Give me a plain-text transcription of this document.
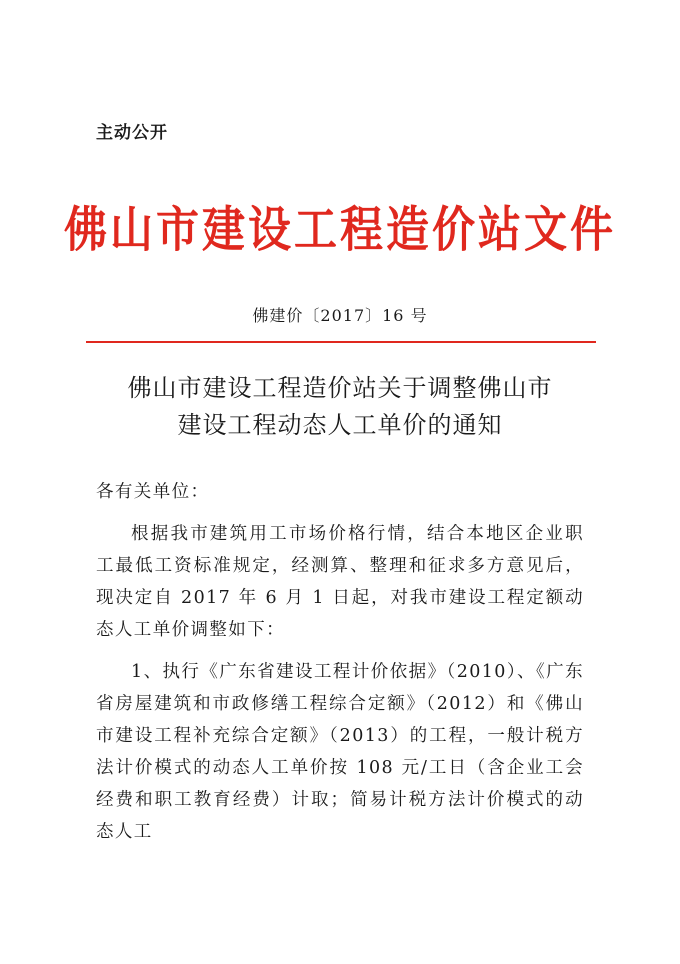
主动公开
佛山市建设工程造价站文件
佛建价〔2017〕16 号
佛山市建设工程造价站关于调整佛山市
建设工程动态人工单价的通知

各有关单位：

根据我市建筑用工市场价格行情，结合本地区企业职工最低工资标准规定，经测算、整理和征求多方意见后，现决定自 2017 年 6 月 1 日起，对我市建设工程定额动态人工单价调整如下：

1、执行《广东省建设工程计价依据》（2010）、《广东省房屋建筑和市政修缮工程综合定额》（2012）和《佛山市建设工程补充综合定额》（2013）的工程，一般计税方法计价模式的动态人工单价按 108 元/工日（含企业工会经费和职工教育经费）计取；简易计税方法计价模式的动态人工
